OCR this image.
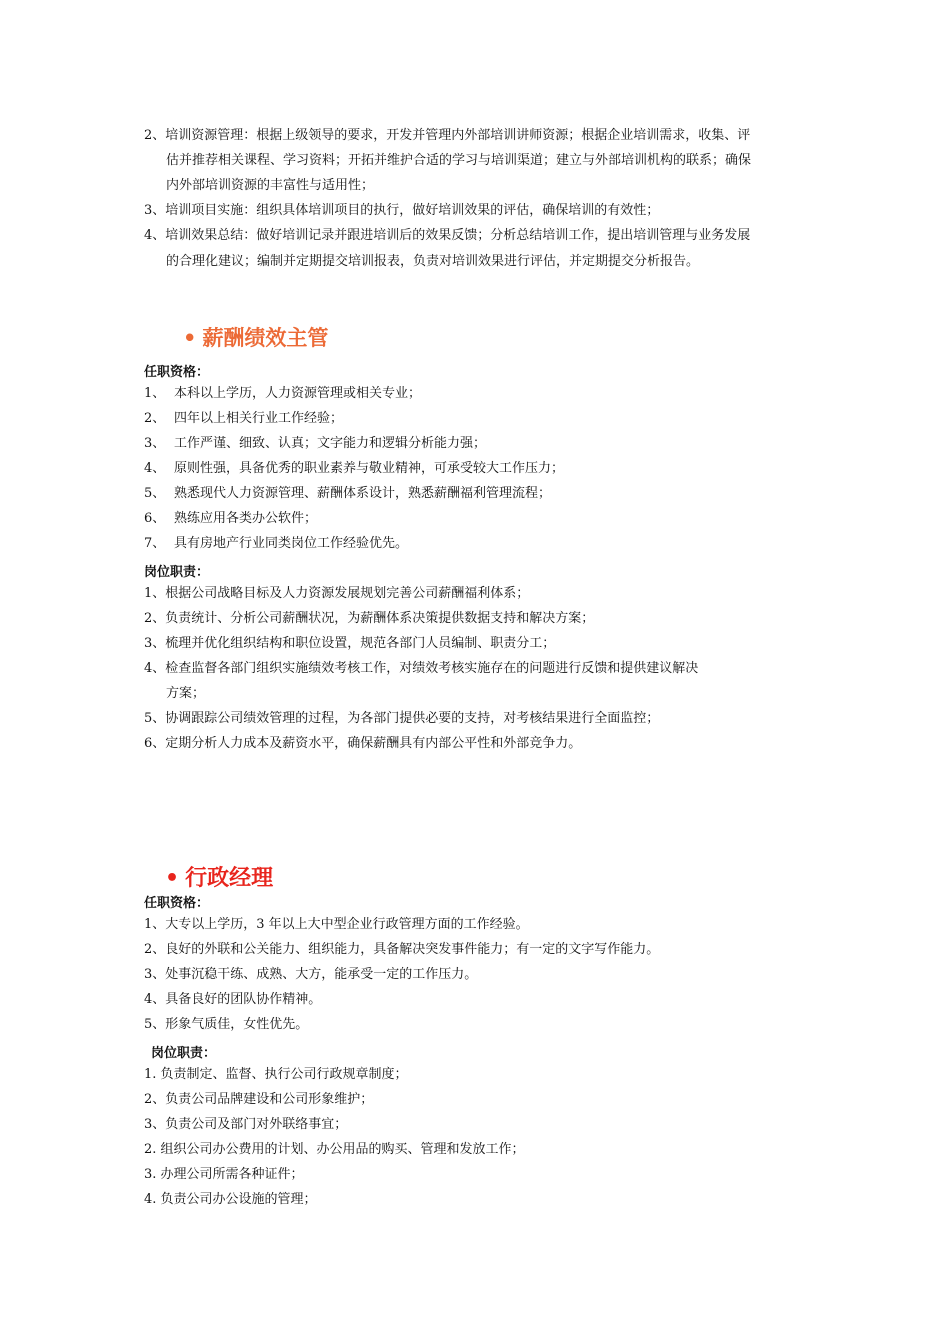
2、培训资源管理：根据上级领导的要求，开发并管理内外部培训讲师资源；根据企业培训需求，收集、评
估并推荐相关课程、学习资料；开拓并维护合适的学习与培训渠道；建立与外部培训机构的联系；确保
内外部培训资源的丰富性与适用性；
3、培训项目实施：组织具体培训项目的执行，做好培训效果的评估，确保培训的有效性；
4、培训效果总结：做好培训记录并跟进培训后的效果反馈；分析总结培训工作，提出培训管理与业务发展
的合理化建议；编制并定期提交培训报表，负责对培训效果进行评估，并定期提交分析报告。
• 薪酬绩效主管
任职资格：
1、 本科以上学历，人力资源管理或相关专业；
2、 四年以上相关行业工作经验；
3、 工作严谨、细致、认真；文字能力和逻辑分析能力强；
4、 原则性强，具备优秀的职业素养与敬业精神，可承受较大工作压力；
5、 熟悉现代人力资源管理、薪酬体系设计，熟悉薪酬福利管理流程；
6、 熟练应用各类办公软件；
7、 具有房地产行业同类岗位工作经验优先。
岗位职责：
1、根据公司战略目标及人力资源发展规划完善公司薪酬福利体系；
2、负责统计、分析公司薪酬状况，为薪酬体系决策提供数据支持和解决方案；
3、梳理并优化组织结构和职位设置，规范各部门人员编制、职责分工；
4、检查监督各部门组织实施绩效考核工作，对绩效考核实施存在的问题进行反馈和提供建议解决
方案；
5、协调跟踪公司绩效管理的过程，为各部门提供必要的支持，对考核结果进行全面监控；
6、定期分析人力成本及薪资水平，确保薪酬具有内部公平性和外部竞争力。
• 行政经理
任职资格：
1、大专以上学历，3 年以上大中型企业行政管理方面的工作经验。
2、良好的外联和公关能力、组织能力，具备解决突发事件能力；有一定的文字写作能力。
3、处事沉稳干练、成熟、大方，能承受一定的工作压力。
4、具备良好的团队协作精神。
5、形象气质佳，女性优先。
岗位职责：
1. 负责制定、监督、执行公司行政规章制度；
2、负责公司品牌建设和公司形象维护；
3、负责公司及部门对外联络事宜；
2. 组织公司办公费用的计划、办公用品的购买、管理和发放工作；
3. 办理公司所需各种证件；
4. 负责公司办公设施的管理；
